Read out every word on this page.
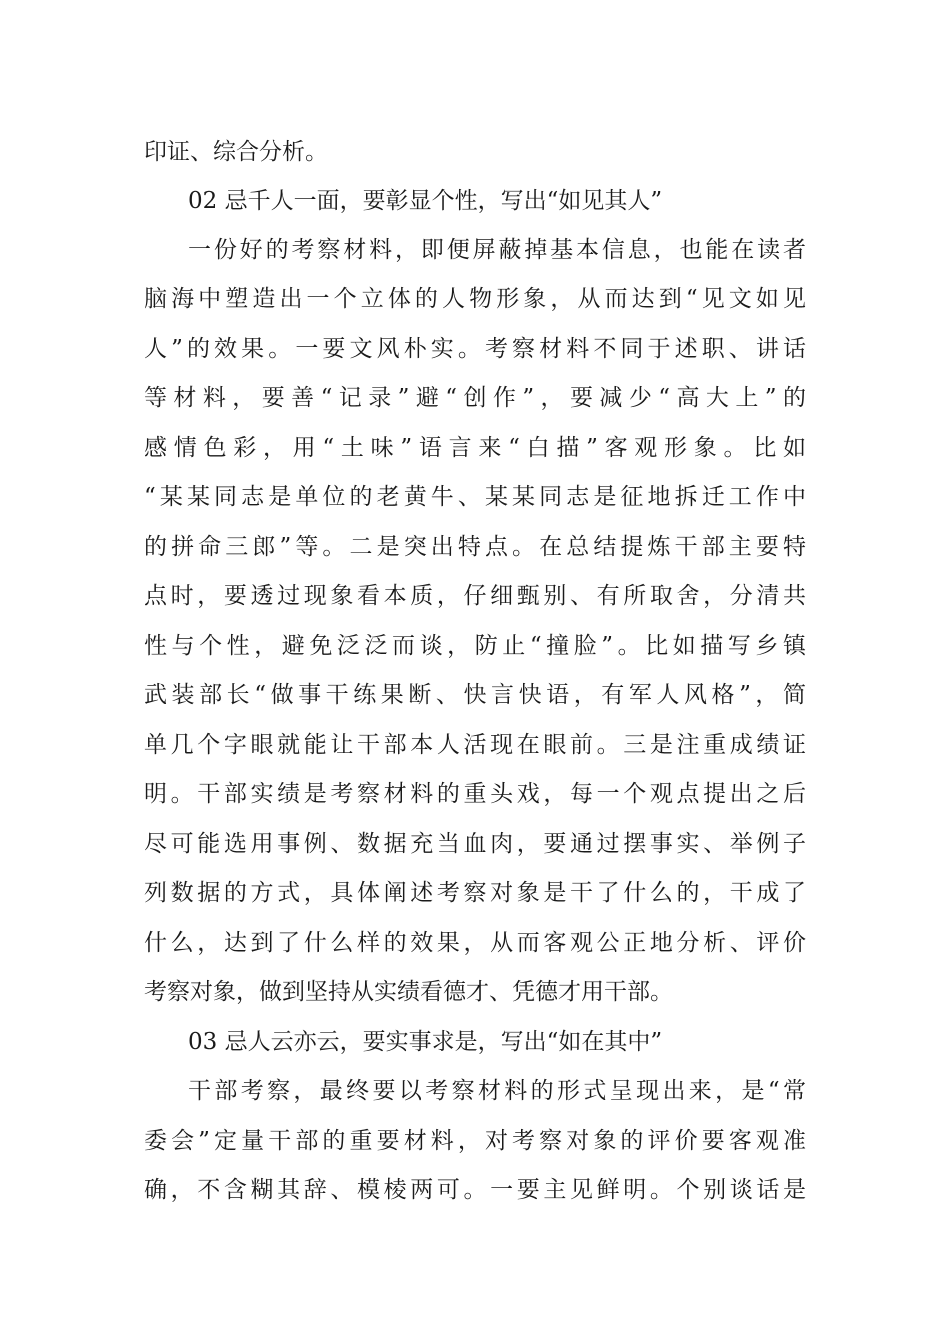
印证、综合分析。
02 忌千人一面，要彰显个性，写出“如见其人”
一份好的考察材料，即便屏蔽掉基本信息，也能在读者
脑海中塑造出一个立体的人物形象，从而达到“见文如见
人”的效果。一要文风朴实。考察材料不同于述职、讲话
等材料，要善“记录”避“创作”，要减少“高大上”的
感情色彩，用“土味”语言来“白描”客观形象。比如
“某某同志是单位的老黄牛、某某同志是征地拆迁工作中
的拼命三郎”等。二是突出特点。在总结提炼干部主要特
点时，要透过现象看本质，仔细甄别、有所取舍，分清共
性与个性，避免泛泛而谈，防止“撞脸”。比如描写乡镇
武装部长“做事干练果断、快言快语，有军人风格”，简
单几个字眼就能让干部本人活现在眼前。三是注重成绩证
明。干部实绩是考察材料的重头戏，每一个观点提出之后
尽可能选用事例、数据充当血肉，要通过摆事实、举例子
列数据的方式，具体阐述考察对象是干了什么的，干成了
什么，达到了什么样的效果，从而客观公正地分析、评价
考察对象，做到坚持从实绩看德才、凭德才用干部。
03 忌人云亦云，要实事求是，写出“如在其中”
干部考察，最终要以考察材料的形式呈现出来，是“常
委会”定量干部的重要材料，对考察对象的评价要客观准
确，不含糊其辞、模棱两可。一要主见鲜明。个别谈话是
